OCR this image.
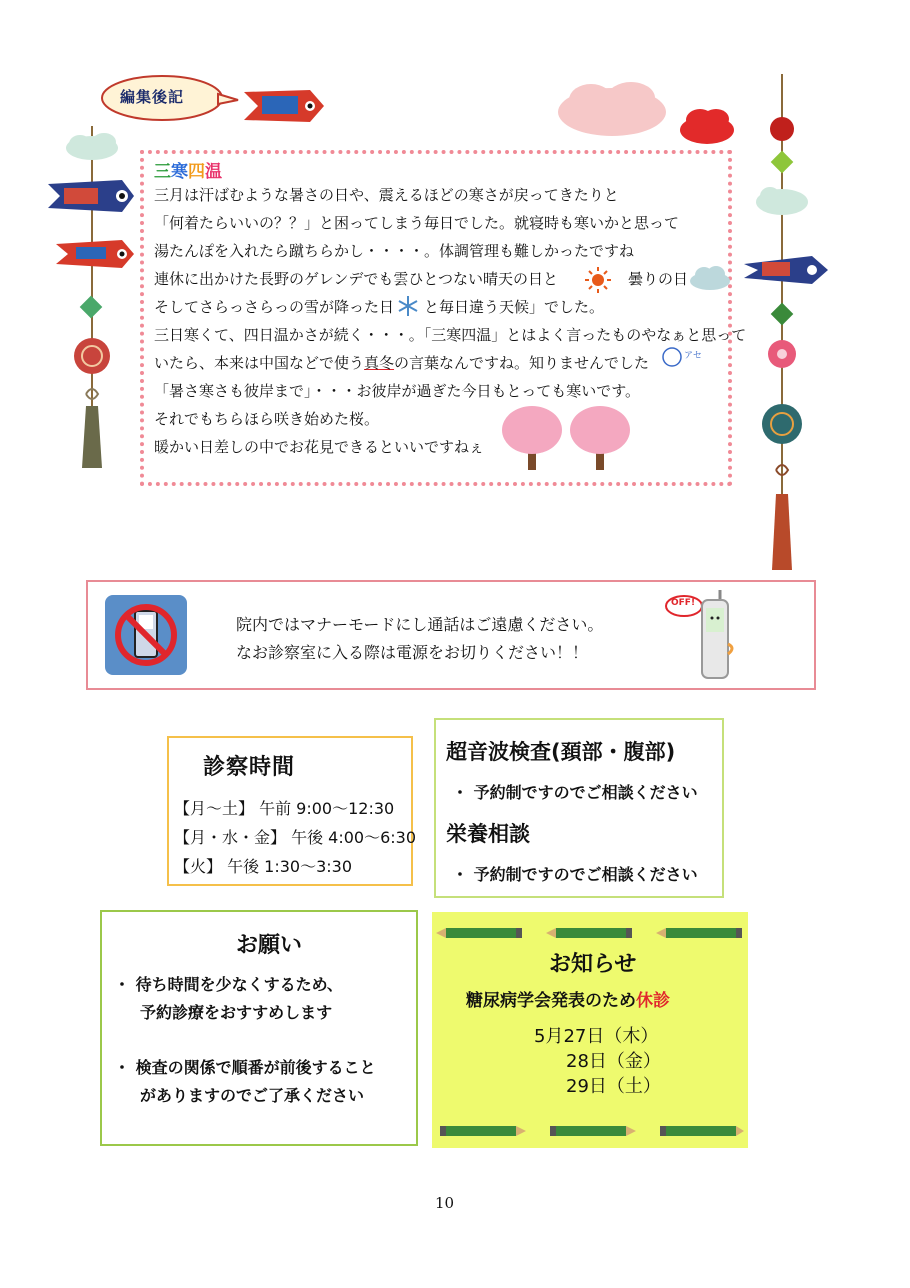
編集後記
三寒四温
三月は汗ばむような暑さの日や、震えるほどの寒さが戻ってきたりと
「何着たらいいの？？」と困ってしまう毎日でした。就寝時も寒いかと思って
湯たんぽを入れたら蹴ちらかし・・・・。体調管理も難しかったですね
連休に出かけた長野のゲレンデでも雲ひとつない晴天の日と	曇りの日
そしてさらっさらっの雪が降った日 と毎日違う天候」でした。
三日寒くて、四日温かさが続く・・・。「三寒四温」とはよく言ったものやなぁと思って
いたら、本来は中国などで使う真冬の言葉なんですね。知りませんでした	アセ
「暑さ寒さも彼岸まで」・・・お彼岸が過ぎた今日もとっても寒いです。
それでもちらほら咲き始めた桜。
暖かい日差しの中でお花見できるといいですねぇ
院内ではマナーモードにし通話はご遠慮ください。
なお診察室に入る際は電源をお切りください！！
OFF!
診察時間
【月～土】 午前 9:00～12:30
【月・水・金】 午後 4:00～6:30
【火】 午後 1:30～3:30
超音波検査(頚部・腹部)
・ 予約制ですのでご相談ください
栄養相談
・ 予約制ですのでご相談ください
お願い
・ 待ち時間を少なくするため、
予約診療をおすすめします
・ 検査の関係で順番が前後すること
がありますのでご了承ください
お知らせ
糖尿病学会発表のため休診
5月27日（木）
28日（金）
29日（土）
10
